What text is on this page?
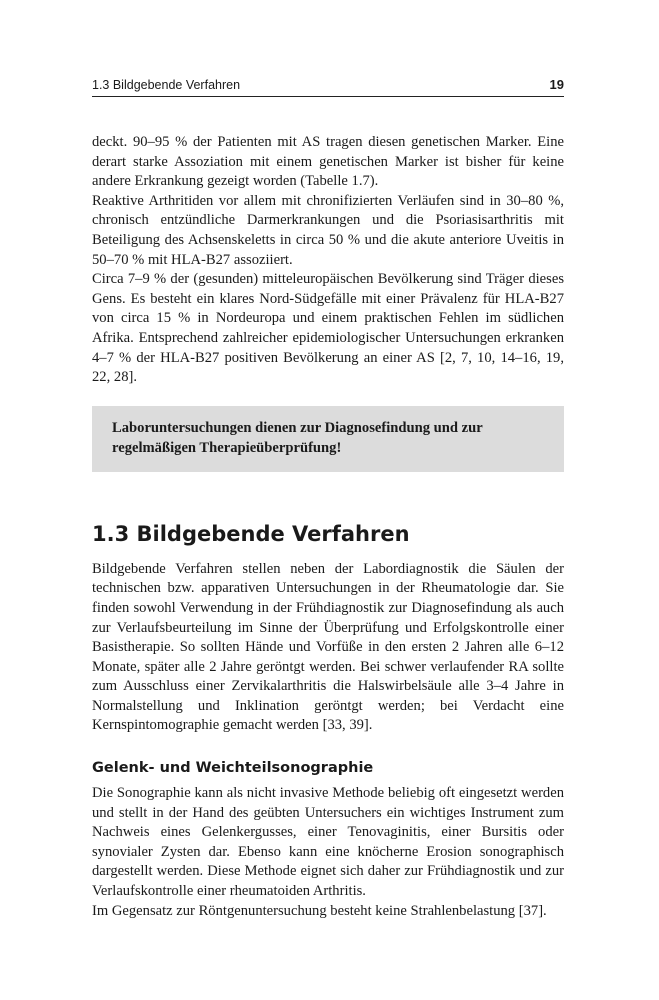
1.3 Bildgebende Verfahren	19

deckt. 90–95 % der Patienten mit AS tragen diesen genetischen Marker. Eine derart starke Assoziation mit einem genetischen Marker ist bisher für keine andere Erkrankung gezeigt worden (Tabelle 1.7).

Reaktive Arthritiden vor allem mit chronifizierten Verläufen sind in 30–80 %, chronisch entzündliche Darmerkrankungen und die Psoriasisarthritis mit Beteiligung des Achsenskeletts in circa 50 % und die akute anteriore Uveitis in 50–70 % mit HLA-B27 assoziiert.

Circa 7–9 % der (gesunden) mitteleuropäischen Bevölkerung sind Träger dieses Gens. Es besteht ein klares Nord-Südgefälle mit einer Prävalenz für HLA-B27 von circa 15 % in Nordeuropa und einem praktischen Fehlen im südlichen Afrika. Entsprechend zahlreicher epidemiologischer Untersuchungen erkranken 4–7 % der HLA-B27 positiven Bevölkerung an einer AS [2, 7, 10, 14–16, 19, 22, 28].

Laboruntersuchungen dienen zur Diagnosefindung und zur regelmäßigen Therapieüberprüfung!
1.3 Bildgebende Verfahren

Bildgebende Verfahren stellen neben der Labordiagnostik die Säulen der technischen bzw. apparativen Untersuchungen in der Rheumatologie dar. Sie finden sowohl Verwendung in der Frühdiagnostik zur Diagnosefindung als auch zur Verlaufsbeurteilung im Sinne der Überprüfung und Erfolgskontrolle einer Basistherapie. So sollten Hände und Vorfüße in den ersten 2 Jahren alle 6–12 Monate, später alle 2 Jahre geröntgt werden. Bei schwer verlaufender RA sollte zum Ausschluss einer Zervikalarthritis die Halswirbelsäule alle 3–4 Jahre in Normalstellung und Inklination geröntgt werden; bei Verdacht eine Kernspintomographie gemacht werden [33, 39].

Gelenk- und Weichteilsonographie

Die Sonographie kann als nicht invasive Methode beliebig oft eingesetzt werden und stellt in der Hand des geübten Untersuchers ein wichtiges Instrument zum Nachweis eines Gelenkergusses, einer Tenovaginitis, einer Bursitis oder synovialer Zysten dar. Ebenso kann eine knöcherne Erosion sonographisch dargestellt werden. Diese Methode eignet sich daher zur Frühdiagnostik und zur Verlaufskontrolle einer rheumatoiden Arthritis.

Im Gegensatz zur Röntgenuntersuchung besteht keine Strahlenbelastung [37].
